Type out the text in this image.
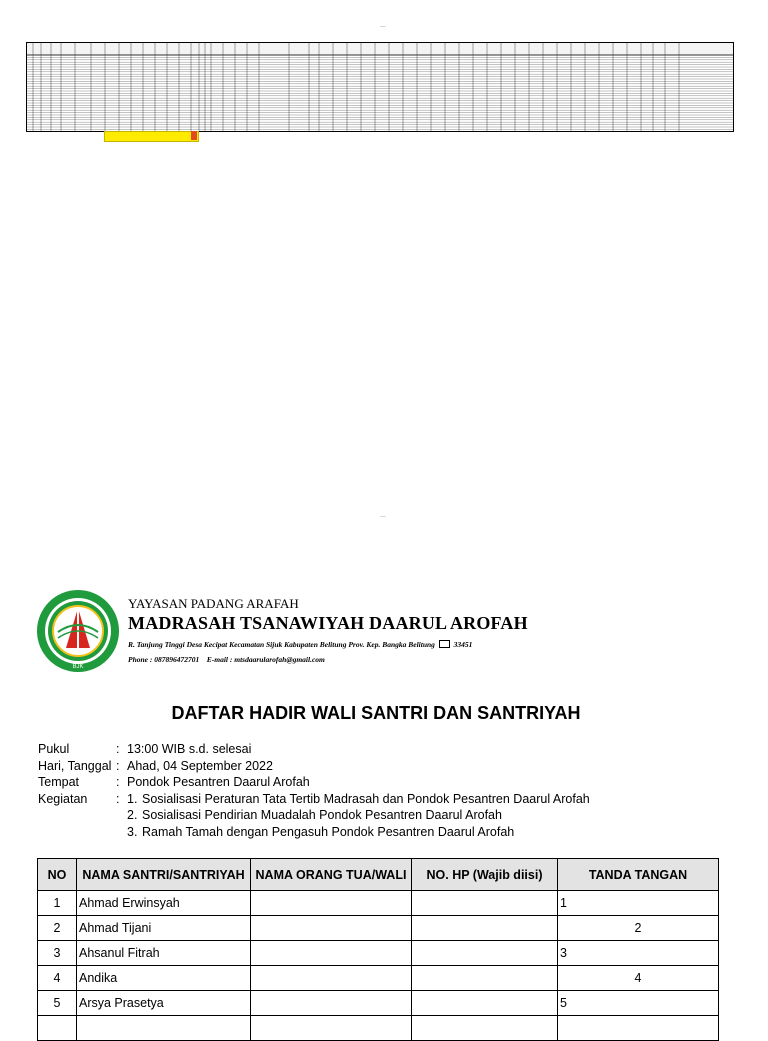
BJK
YAYASAN PADANG ARAFAH
MADRASAH TSANAWIYAH DAARUL AROFAH
R. Tanjung Tinggi Desa Kecipat Kecamatan Sijuk Kabupaten Belitung Prov. Kep. Bangka Belitung	33451
Phone : 087896472701 E-mail : mtsdaarularofah@gmail.com
DAFTAR HADIR WALI SANTRI DAN SANTRIYAH
Pukul	: 13:00 WIB s.d. selesai
Hari, Tanggal : Ahad, 04 September 2022
Tempat	: Pondok Pesantren Daarul Arofah
Kegiatan	: 1. Sosialisasi Peraturan Tata Tertib Madrasah dan Pondok Pesantren Daarul Arofah
2. Sosialisasi Pendirian Muadalah Pondok Pesantren Daarul Arofah
3. Ramah Tamah dengan Pengasuh Pondok Pesantren Daarul Arofah
NO	NAMA SANTRI/SANTRIYAH	NAMA ORANG TUA/WALI	NO. HP (Wajib diisi)	TANDA TANGAN
1	Ahmad Erwinsyah			1
2	Ahmad Tijani			2
3	Ahsanul Fitrah			3
4	Andika			4
5	Arsya Prasetya			5
